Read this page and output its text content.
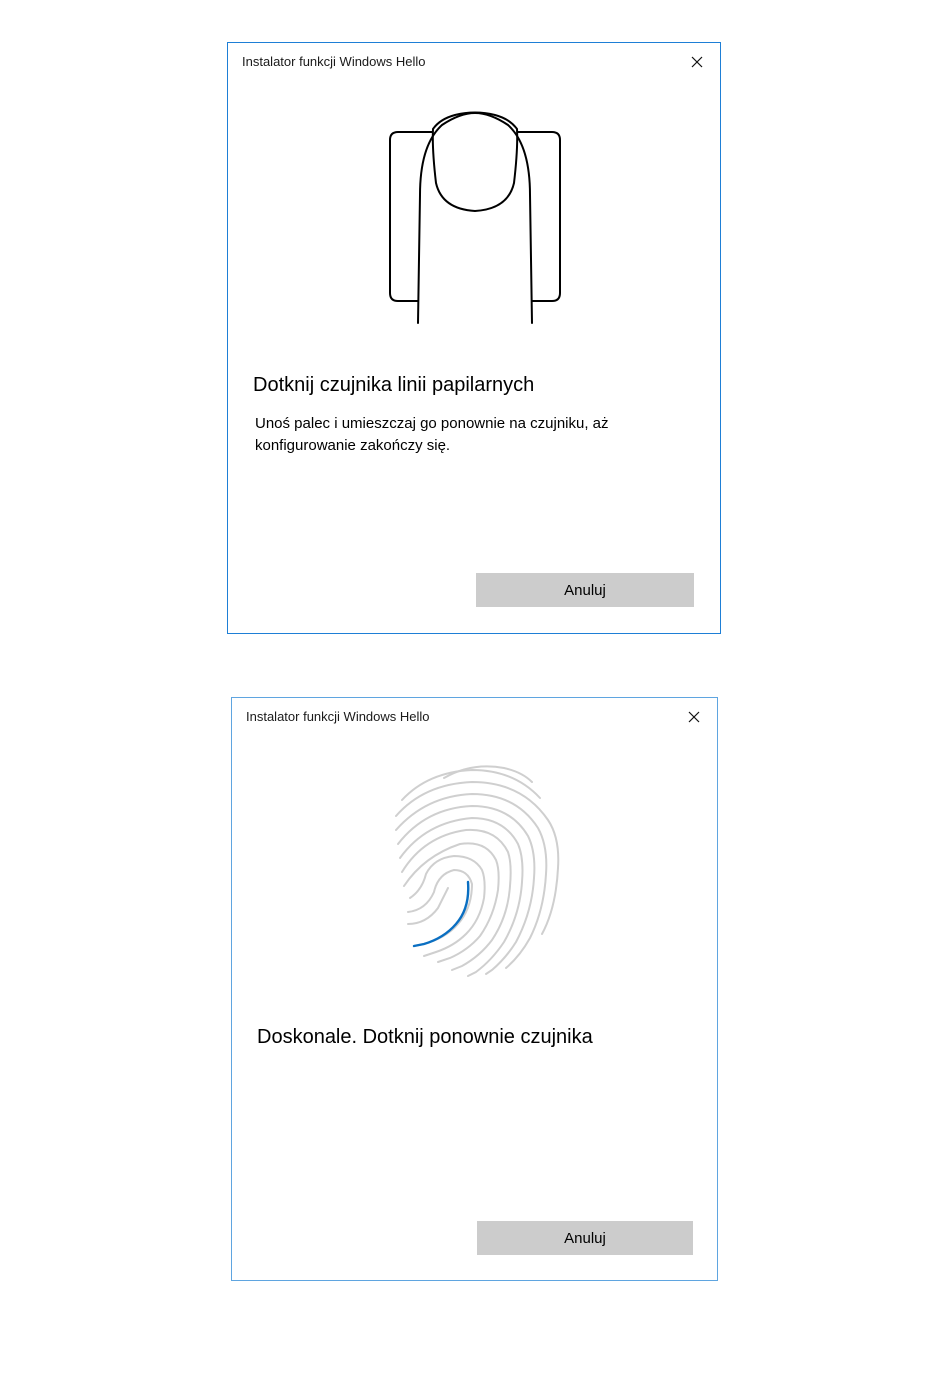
Instalator funkcji Windows Hello
Dotknij czujnika linii papilarnych
Unoś palec i umieszczaj go ponownie na czujniku, aż konfigurowanie zakończy się.
Anuluj
Instalator funkcji Windows Hello
Doskonale. Dotknij ponownie czujnika
Anuluj
